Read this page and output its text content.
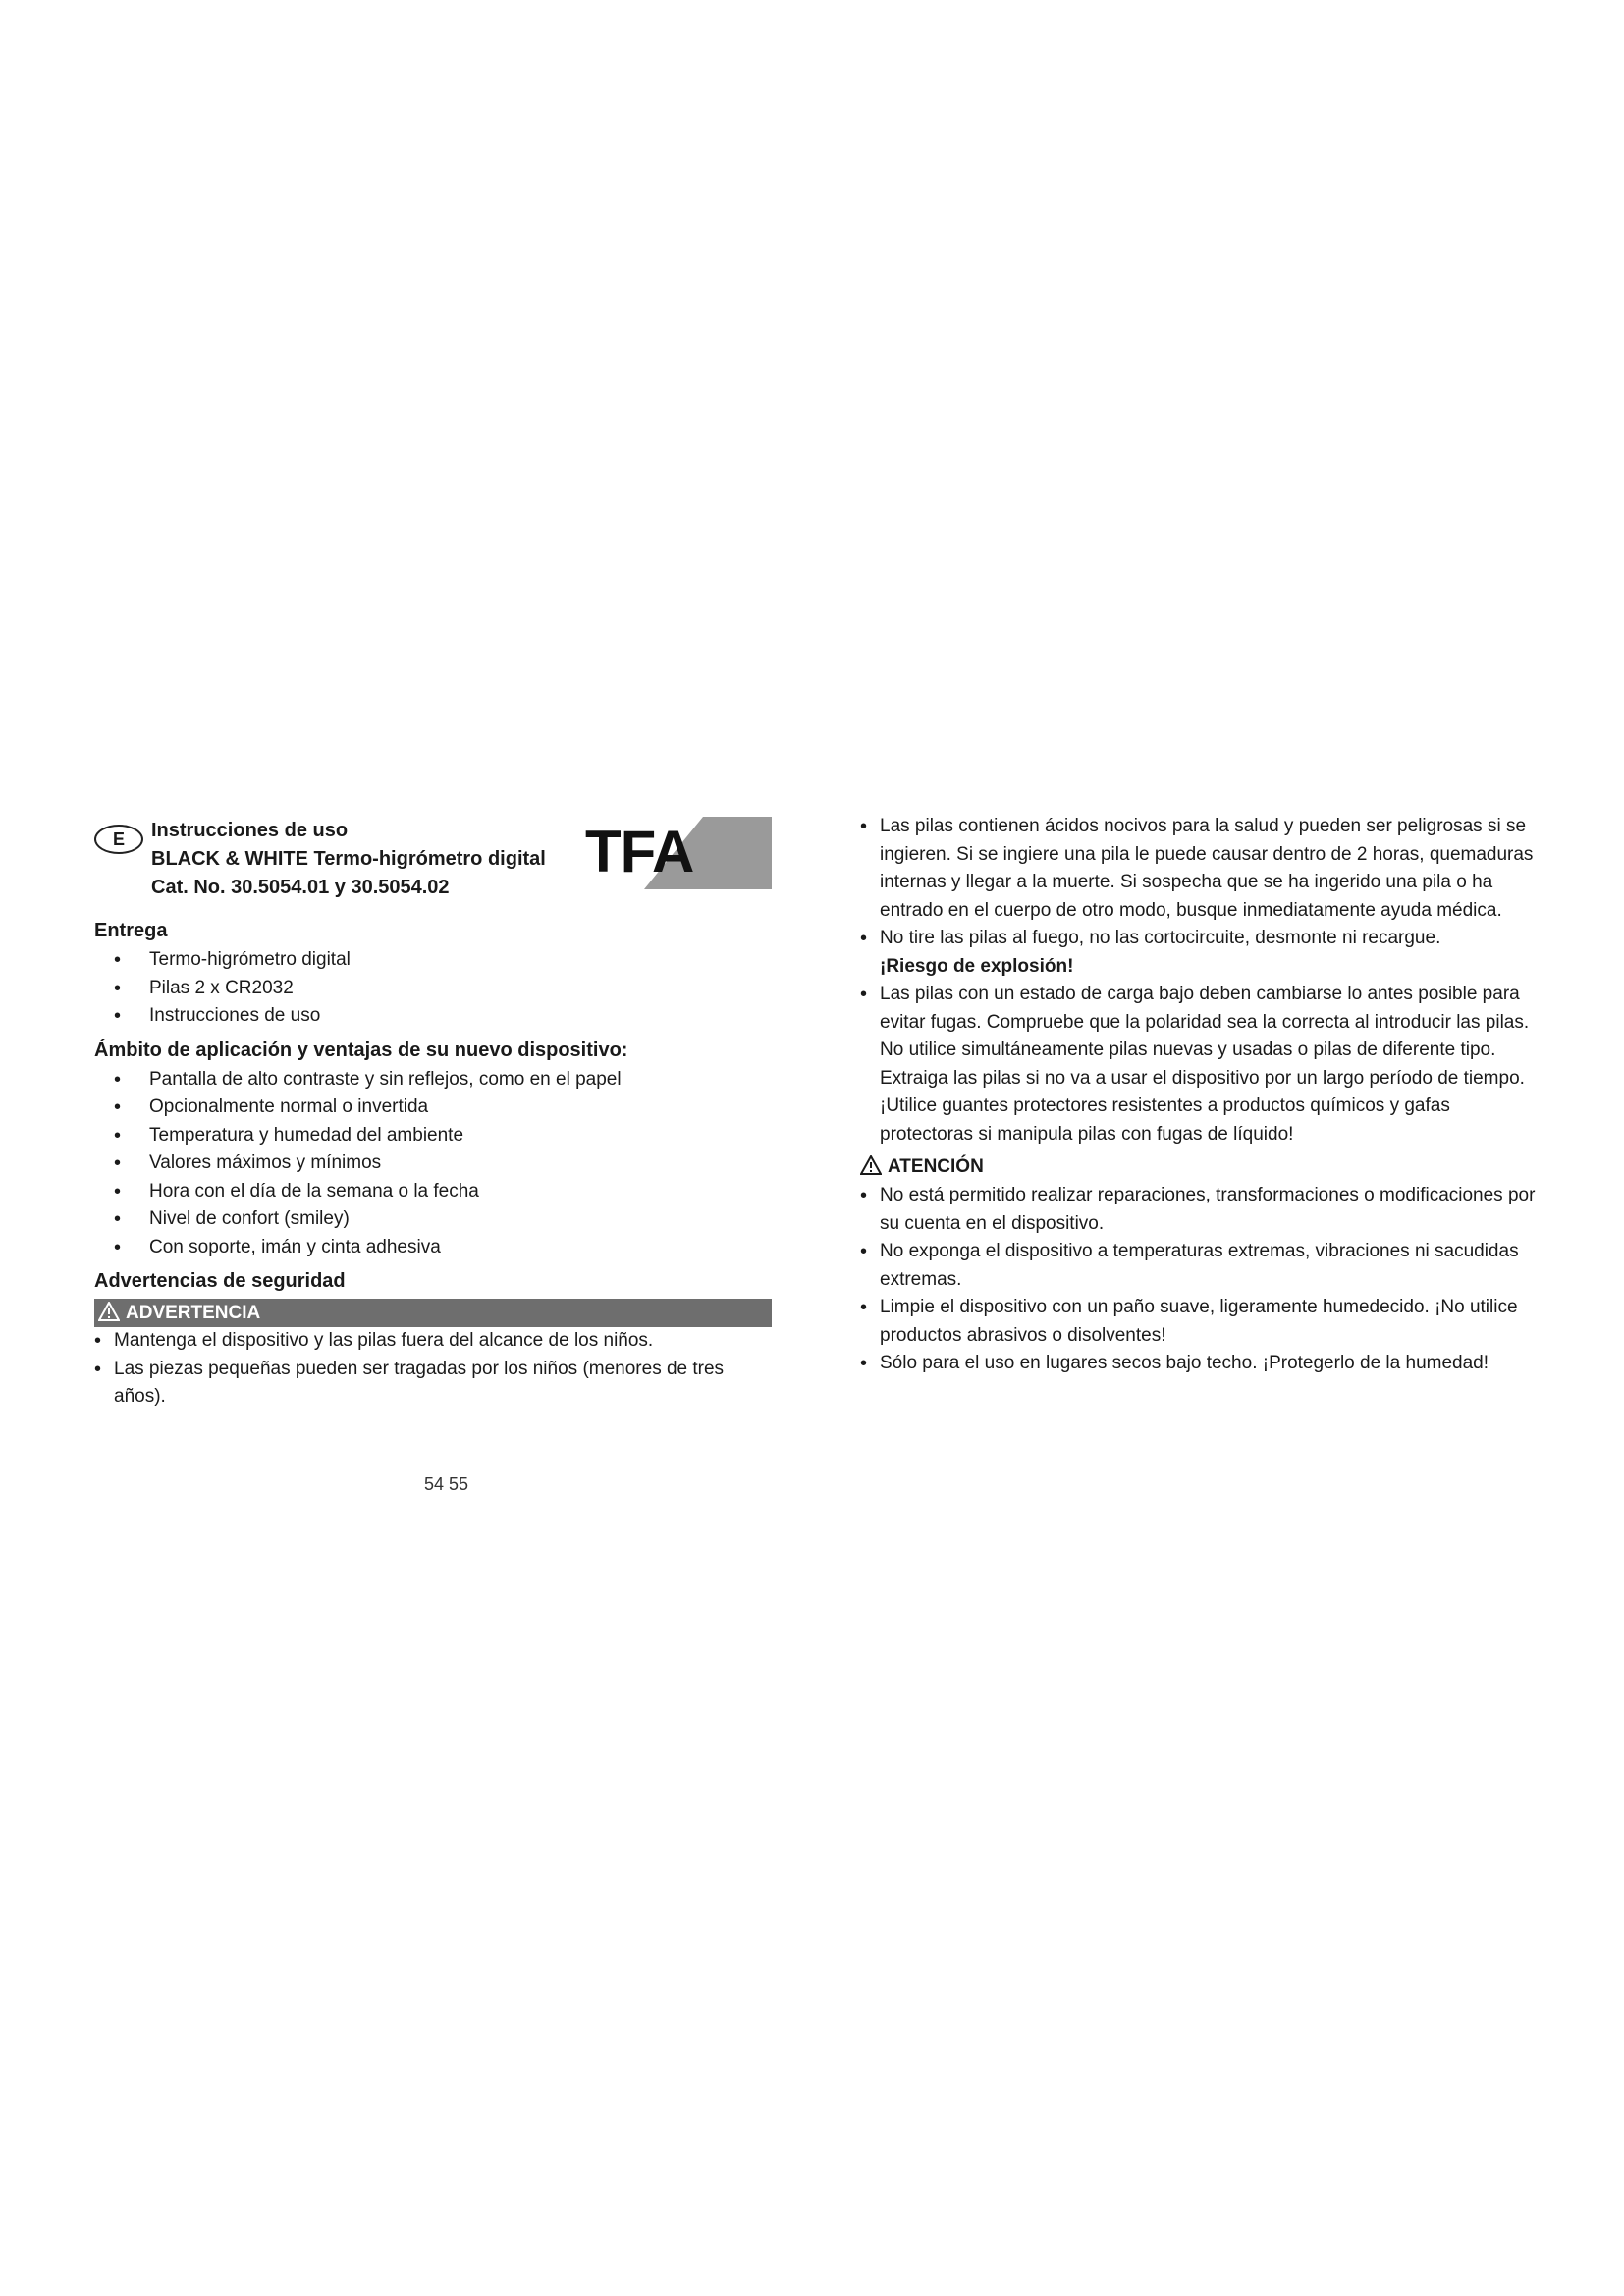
E	Instrucciones de uso
BLACK & WHITE Termo-higrómetro digital
Cat. No. 30.5054.01 y 30.5054.02
TFA
Entrega
• Termo-higrómetro digital
• Pilas 2 x CR2032
• Instrucciones de uso
Ámbito de aplicación y ventajas de su nuevo dispositivo:
• Pantalla de alto contraste y sin reflejos, como en el papel
• Opcionalmente normal o invertida
• Temperatura y humedad del ambiente
• Valores máximos y mínimos
• Hora con el día de la semana o la fecha
• Nivel de confort (smiley)
• Con soporte, imán y cinta adhesiva
Advertencias de seguridad
ADVERTENCIA
• Mantenga el dispositivo y las pilas fuera del alcance de los niños.
• Las piezas pequeñas pueden ser tragadas por los niños (menores de tres años).
• Las pilas contienen ácidos nocivos para la salud y pueden ser peligrosas si se ingieren. Si se ingiere una pila le puede causar dentro de 2 horas, quemaduras internas y llegar a la muerte. Si sospecha que se ha ingerido una pila o ha entrado en el cuerpo de otro modo, busque inmediatamente ayuda médica.
• No tire las pilas al fuego, no las cortocircuite, desmonte ni recargue.
¡Riesgo de explosión!
• Las pilas con un estado de carga bajo deben cambiarse lo antes posible para evitar fugas. Compruebe que la polaridad sea la correcta al introducir las pilas. No utilice simultáneamente pilas nuevas y usadas o pilas de diferente tipo. Extraiga las pilas si no va a usar el dispositivo por un largo período de tiempo. ¡Utilice guantes protectores resistentes a productos químicos y gafas protectoras si manipula pilas con fugas de líquido!
ATENCIÓN
• No está permitido realizar reparaciones, transformaciones o modificaciones por su cuenta en el dispositivo.
• No exponga el dispositivo a temperaturas extremas, vibraciones ni sacudidas extremas.
• Limpie el dispositivo con un paño suave, ligeramente humedecido. ¡No utilice productos abrasivos o disolventes!
• Sólo para el uso en lugares secos bajo techo. ¡Protegerlo de la humedad!
54 55
